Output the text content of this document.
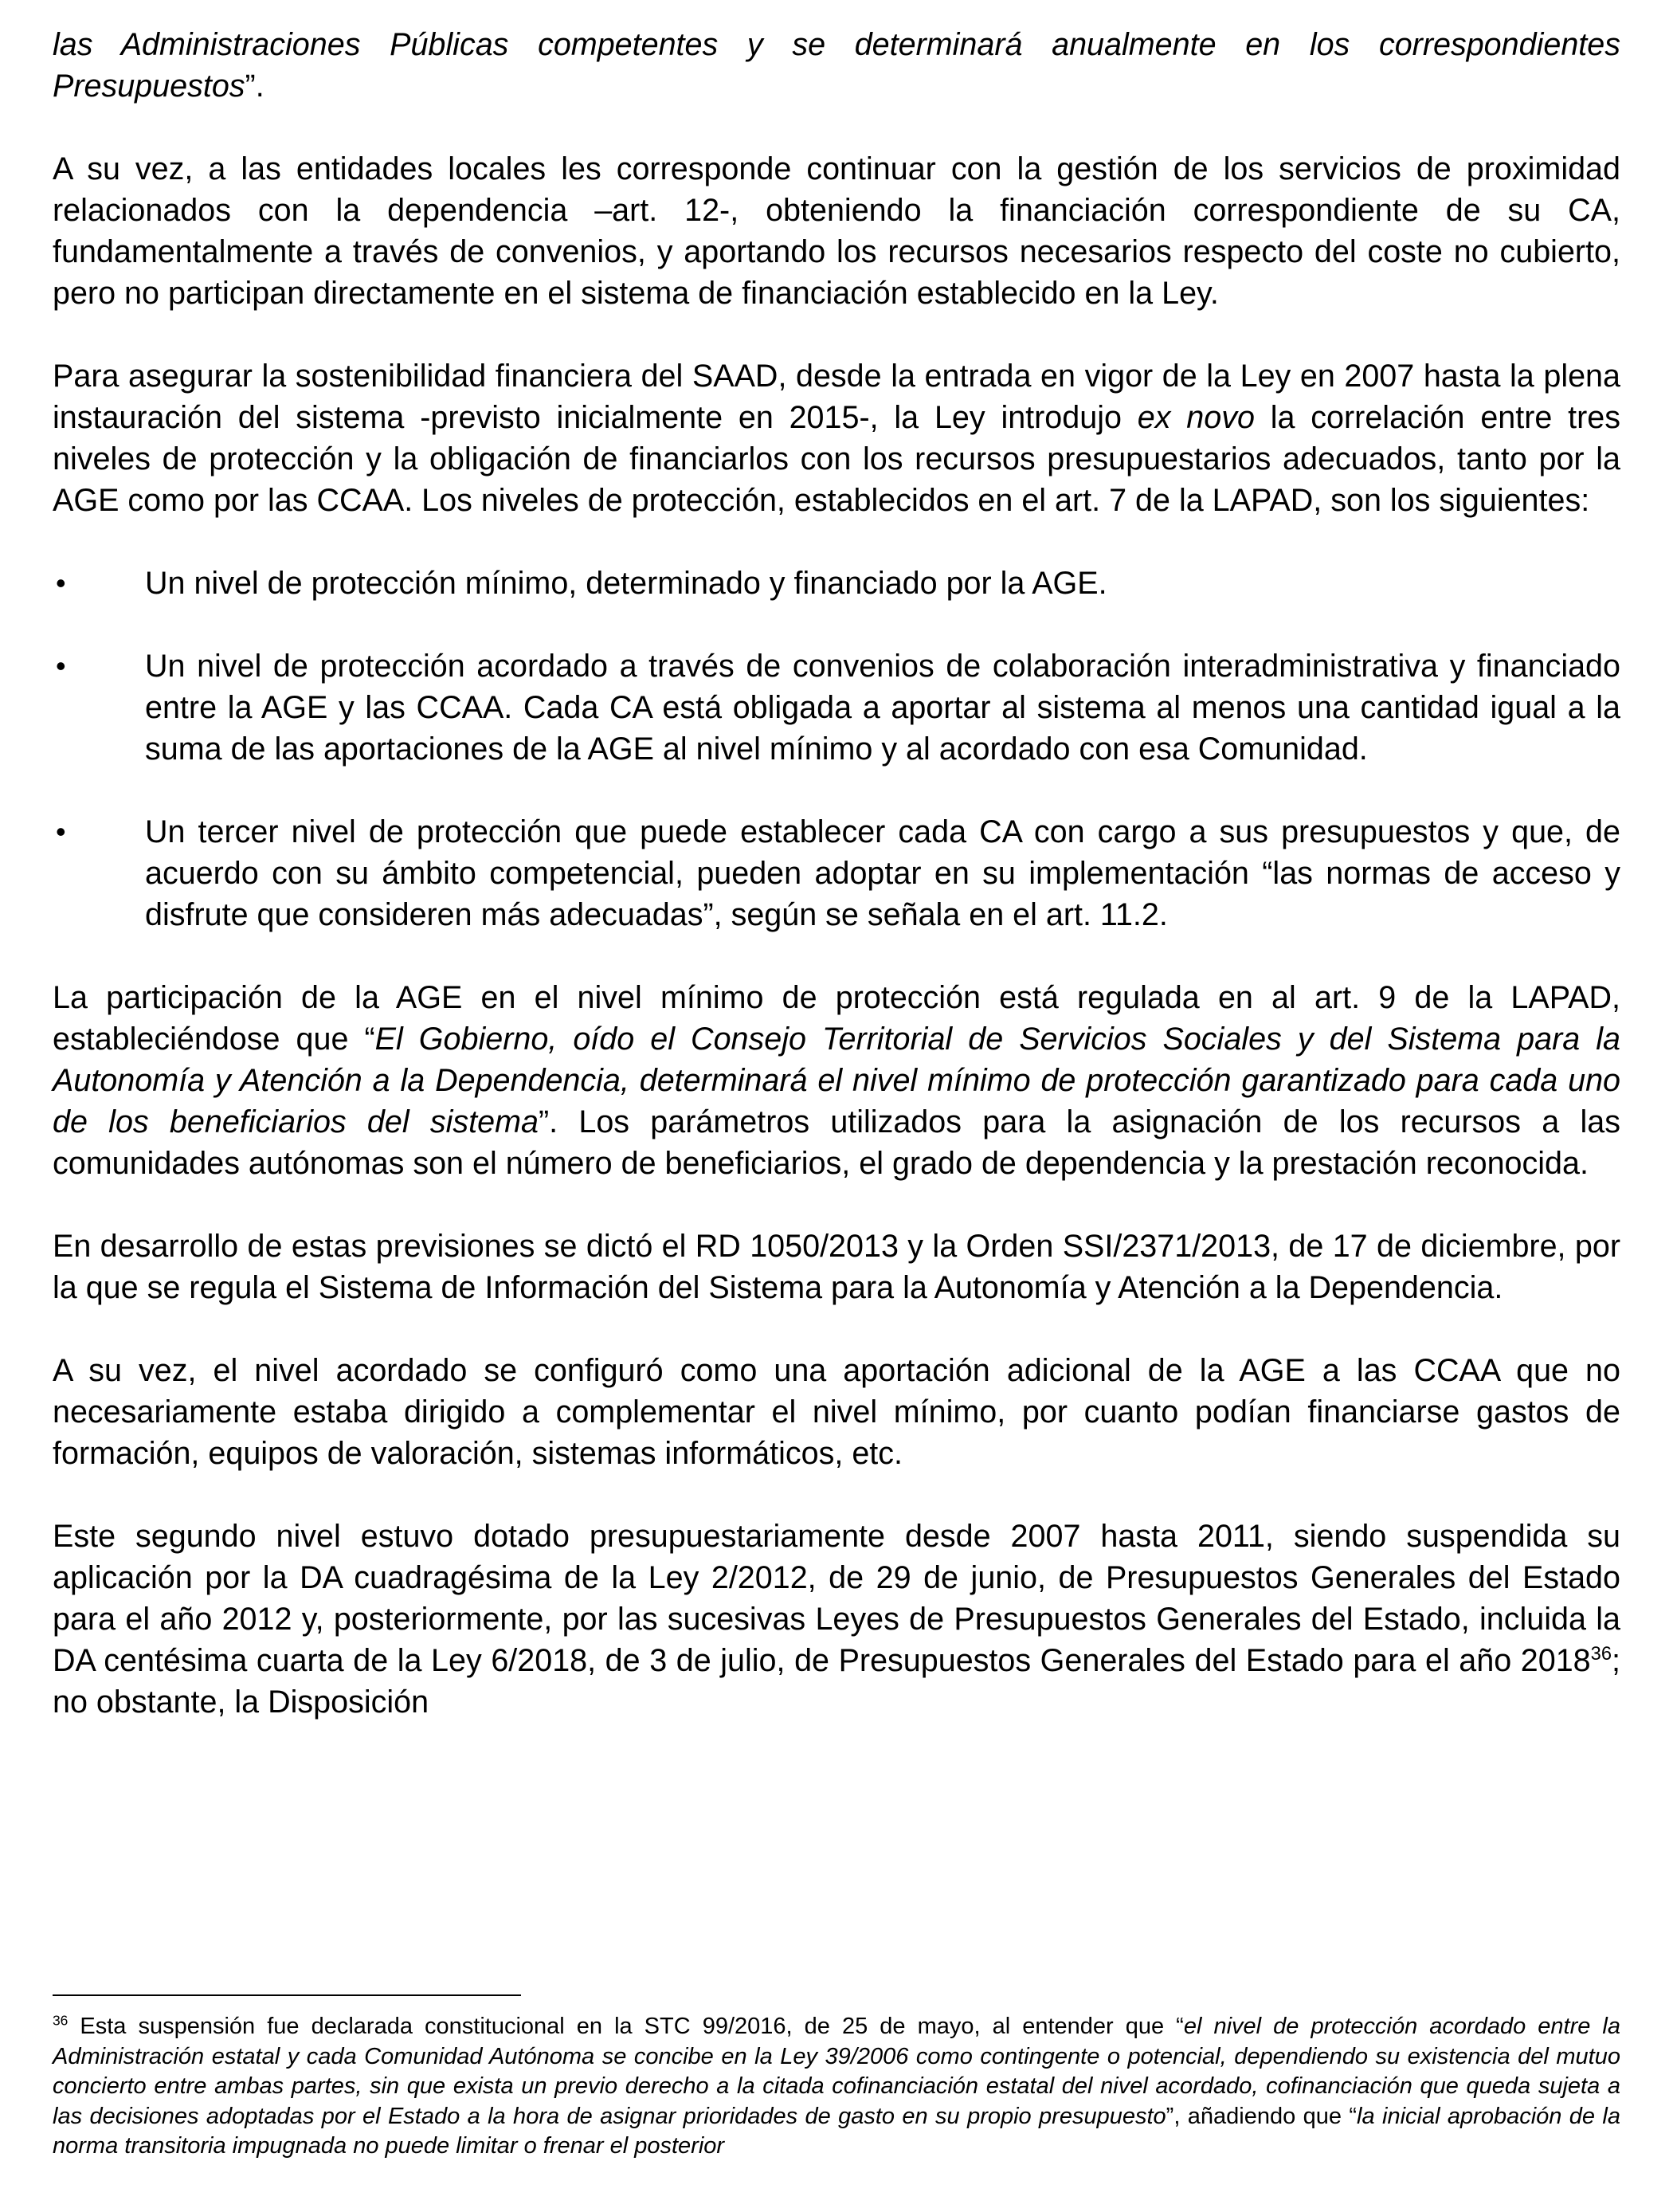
las Administraciones Públicas competentes y se determinará anualmente en los correspondientes Presupuestos”.

A su vez, a las entidades locales les corresponde continuar con la gestión de los servicios de proximidad relacionados con la dependencia –art. 12-, obteniendo la financiación correspondiente de su CA, fundamentalmente a través de convenios, y aportando los recursos necesarios respecto del coste no cubierto, pero no participan directamente en el sistema de financiación establecido en la Ley.

Para asegurar la sostenibilidad financiera del SAAD, desde la entrada en vigor de la Ley en 2007 hasta la plena instauración del sistema -previsto inicialmente en 2015-, la Ley introdujo ex novo la correlación entre tres niveles de protección y la obligación de financiarlos con los recursos presupuestarios adecuados, tanto por la AGE como por las CCAA. Los niveles de protección, establecidos en el art. 7 de la LAPAD, son los siguientes:

•	Un nivel de protección mínimo, determinado y financiado por la AGE.
•	Un nivel de protección acordado a través de convenios de colaboración interadministrativa y financiado entre la AGE y las CCAA. Cada CA está obligada a aportar al sistema al menos una cantidad igual a la suma de las aportaciones de la AGE al nivel mínimo y al acordado con esa Comunidad.
•	Un tercer nivel de protección que puede establecer cada CA con cargo a sus presupuestos y que, de acuerdo con su ámbito competencial, pueden adoptar en su implementación “las normas de acceso y disfrute que consideren más adecuadas”, según se señala en el art. 11.2.

La participación de la AGE en el nivel mínimo de protección está regulada en al art. 9 de la LAPAD, estableciéndose que “El Gobierno, oído el Consejo Territorial de Servicios Sociales y del Sistema para la Autonomía y Atención a la Dependencia, determinará el nivel mínimo de protección garantizado para cada uno de los beneficiarios del sistema”. Los parámetros utilizados para la asignación de los recursos a las comunidades autónomas son el número de beneficiarios, el grado de dependencia y la prestación reconocida.

En desarrollo de estas previsiones se dictó el RD 1050/2013 y la Orden SSI/2371/2013, de 17 de diciembre, por la que se regula el Sistema de Información del Sistema para la Autonomía y Atención a la Dependencia.

A su vez, el nivel acordado se configuró como una aportación adicional de la AGE a las CCAA que no necesariamente estaba dirigido a complementar el nivel mínimo, por cuanto podían financiarse gastos de formación, equipos de valoración, sistemas informáticos, etc.

Este segundo nivel estuvo dotado presupuestariamente desde 2007 hasta 2011, siendo suspendida su aplicación por la DA cuadragésima de la Ley 2/2012, de 29 de junio, de Presupuestos Generales del Estado para el año 2012 y, posteriormente, por las sucesivas Leyes de Presupuestos Generales del Estado, incluida la DA centésima cuarta de la Ley 6/2018, de 3 de julio, de Presupuestos Generales del Estado para el año 2018$^{36}$; no obstante, la Disposición

$^{36}$ Esta suspensión fue declarada constitucional en la STC 99/2016, de 25 de mayo, al entender que “el nivel de protección acordado entre la Administración estatal y cada Comunidad Autónoma se concibe en la Ley 39/2006 como contingente o potencial, dependiendo su existencia del mutuo concierto entre ambas partes, sin que exista un previo derecho a la citada cofinanciación estatal del nivel acordado, cofinanciación que queda sujeta a las decisiones adoptadas por el Estado a la hora de asignar prioridades de gasto en su propio presupuesto”, añadiendo que “la inicial aprobación de la norma transitoria impugnada no puede limitar o frenar el posterior
